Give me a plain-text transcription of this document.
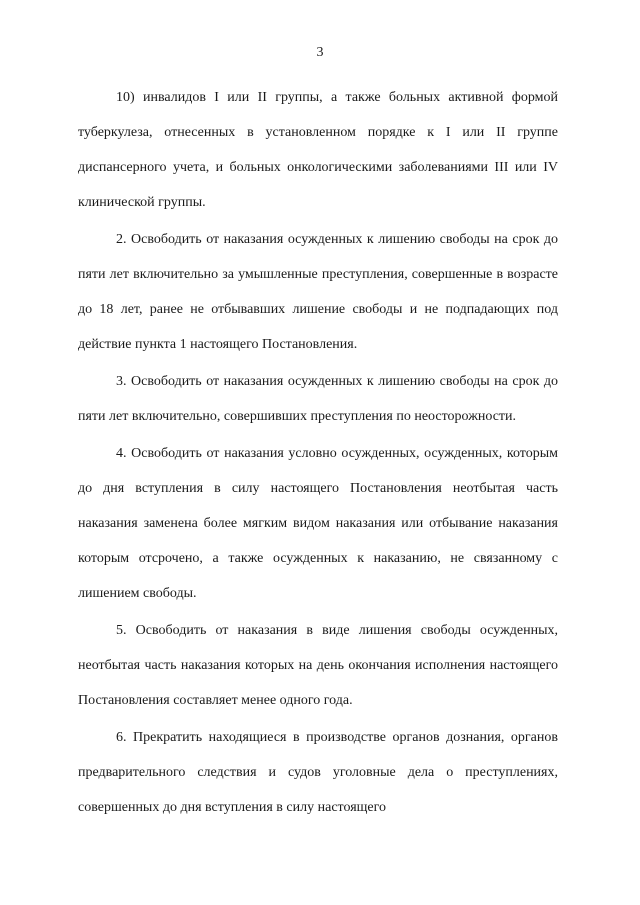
3

10) инвалидов I или II группы, а также больных активной формой туберкулеза, отнесенных в установленном порядке к I или II группе диспансерного учета, и больных онкологическими заболеваниями III или IV клинической группы.

2. Освободить от наказания осужденных к лишению свободы на срок до пяти лет включительно за умышленные преступления, совершенные в возрасте до 18 лет, ранее не отбывавших лишение свободы и не подпадающих под действие пункта 1 настоящего Постановления.

3. Освободить от наказания осужденных к лишению свободы на срок до пяти лет включительно, совершивших преступления по неосторожности.

4. Освободить от наказания условно осужденных, осужденных, которым до дня вступления в силу настоящего Постановления неотбытая часть наказания заменена более мягким видом наказания или отбывание наказания которым отсрочено, а также осужденных к наказанию, не связанному с лишением свободы.

5. Освободить от наказания в виде лишения свободы осужденных, неотбытая часть наказания которых на день окончания исполнения настоящего Постановления составляет менее одного года.

6. Прекратить находящиеся в производстве органов дознания, органов предварительного следствия и судов уголовные дела о преступлениях, совершенных до дня вступления в силу настоящего
